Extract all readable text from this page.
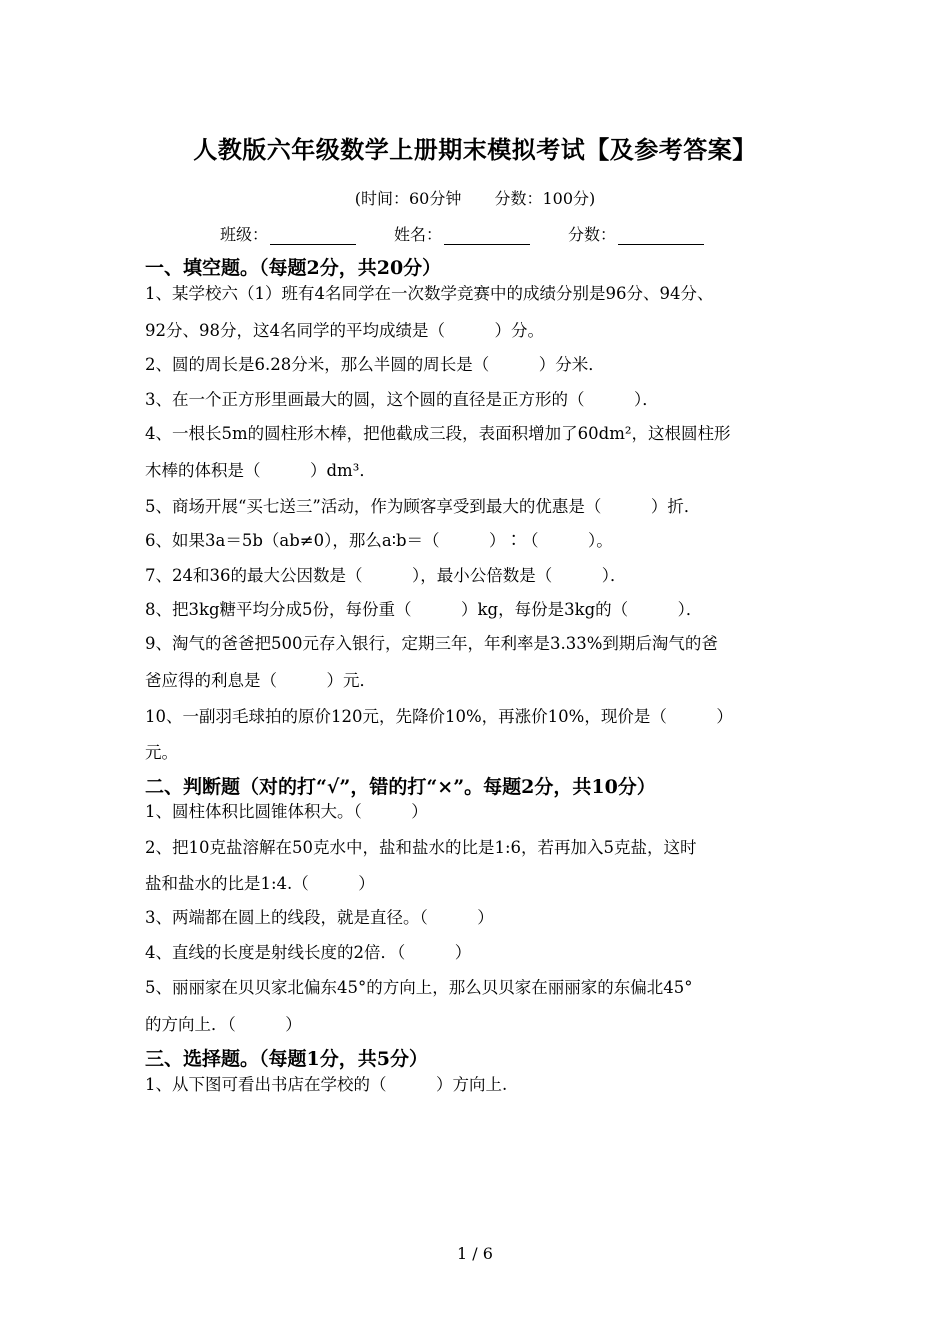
人教版六年级数学上册期末模拟考试【及参考答案】
(时间：60分钟 分数：100分)
班级：	姓名：	分数：
一、填空题。（每题2分，共20分）
1、某学校六（1）班有4名同学在一次数学竞赛中的成绩分别是96分、94分、
92分、98分，这4名同学的平均成绩是（　　　）分。
2、圆的周长是6.28分米，那么半圆的周长是（　　　）分米．
3、在一个正方形里画最大的圆，这个圆的直径是正方形的（　　　）．
4、一根长5m的圆柱形木棒，把他截成三段，表面积增加了60dm²，这根圆柱形
木棒的体积是（　　　）dm³．
5、商场开展“买七送三”活动，作为顾客享受到最大的优惠是（　　　）折．
6、如果3a＝5b（ab≠0），那么a∶b＝（　　　）∶（　　　）。
7、24和36的最大公因数是（　　　），最小公倍数是（　　　）．
8、把3kg糖平均分成5份，每份重（　　　）kg，每份是3kg的（　　　）．
9、淘气的爸爸把500元存入银行，定期三年，年利率是3.33%到期后淘气的爸
爸应得的利息是（　　　）元．
10、一副羽毛球拍的原价120元，先降价10%，再涨价10%，现价是（　　　）
元。
二、判断题（对的打“√”，错的打“×”。每题2分，共10分）
1、圆柱体积比圆锥体积大。（　　　）
2、把10克盐溶解在50克水中，盐和盐水的比是1:6，若再加入5克盐，这时
盐和盐水的比是1:4.（　　　）
3、两端都在圆上的线段，就是直径。（　　　）
4、直线的长度是射线长度的2倍．（　　　）
5、丽丽家在贝贝家北偏东45°的方向上，那么贝贝家在丽丽家的东偏北45°
的方向上．（　　　）
三、选择题。（每题1分，共5分）
1、从下图可看出书店在学校的（　　　）方向上.
1 / 6
